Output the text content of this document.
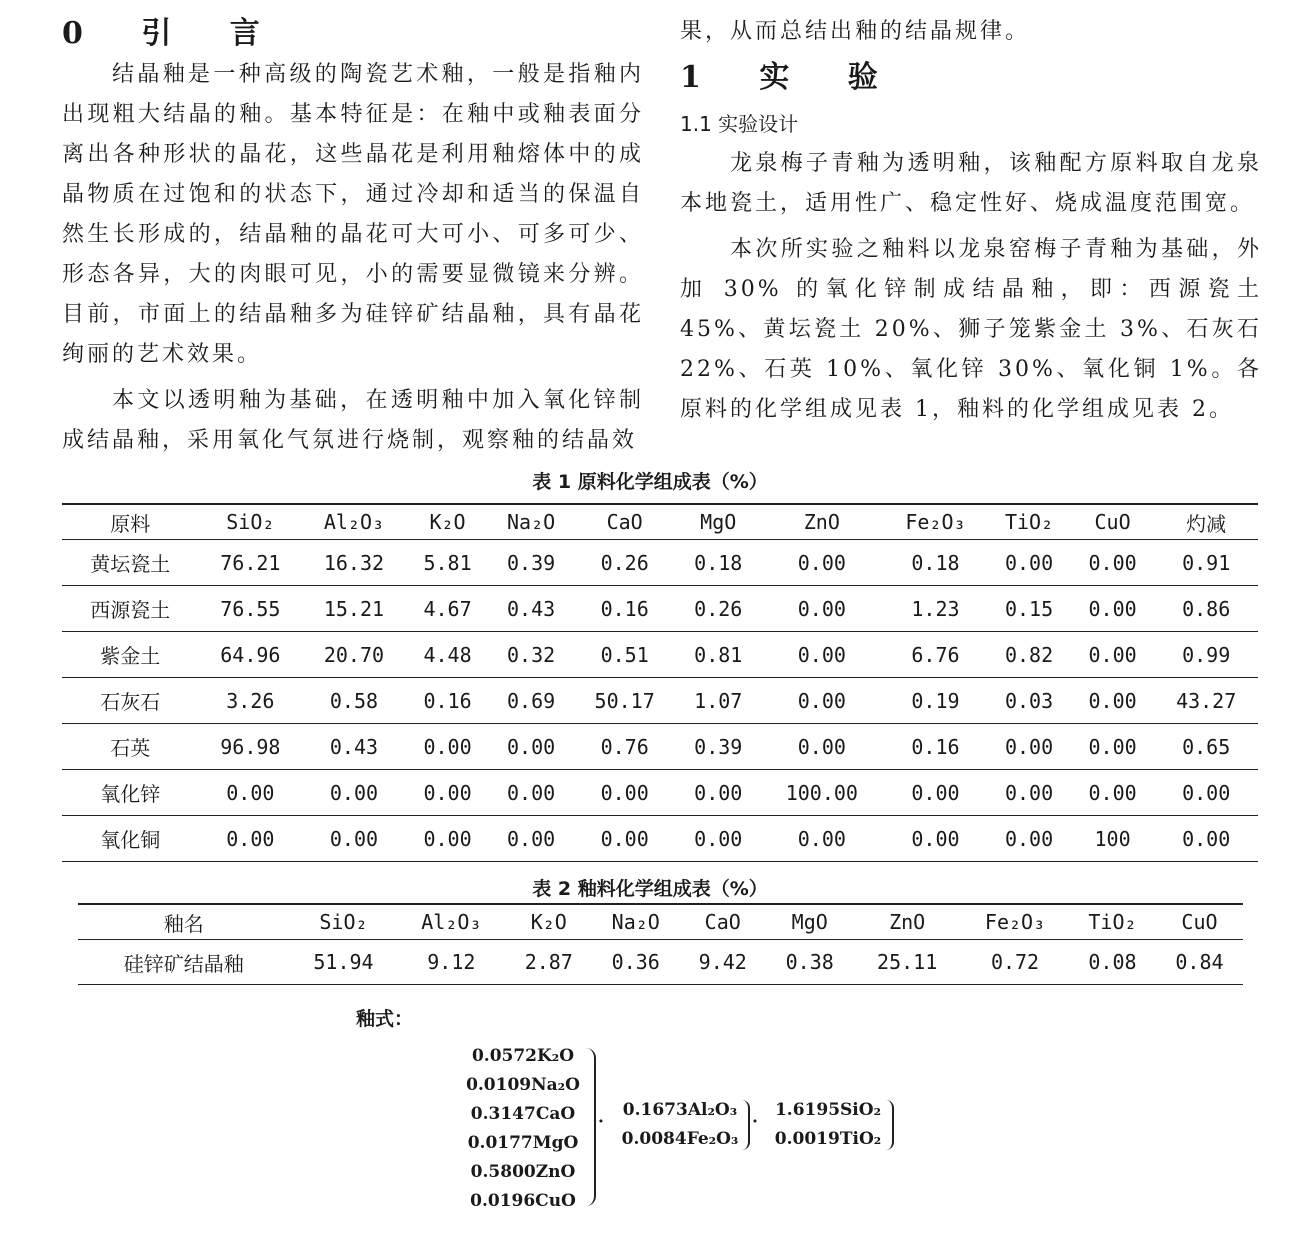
0 引 言

结晶釉是一种高级的陶瓷艺术釉，一般是指釉内出现粗大结晶的釉。基本特征是：在釉中或釉表面分离出各种形状的晶花，这些晶花是利用釉熔体中的成晶物质在过饱和的状态下，通过冷却和适当的保温自然生长形成的，结晶釉的晶花可大可小、可多可少、形态各异，大的肉眼可见，小的需要显微镜来分辨。目前，市面上的结晶釉多为硅锌矿结晶釉，具有晶花绚丽的艺术效果。

本文以透明釉为基础，在透明釉中加入氧化锌制成结晶釉，采用氧化气氛进行烧制，观察釉的结晶效

果，从而总结出釉的结晶规律。

1 实 验
1.1 实验设计

龙泉梅子青釉为透明釉，该釉配方原料取自龙泉本地瓷土，适用性广、稳定性好、烧成温度范围宽。

本次所实验之釉料以龙泉窑梅子青釉为基础，外加 30% 的氧化锌制成结晶釉，即：西源瓷土 45%、黄坛瓷土 20%、狮子笼紫金土 3%、石灰石 22%、石英 10%、氧化锌 30%、氧化铜 1%。各原料的化学组成见表 1，釉料的化学组成见表 2。

表 1 原料化学组成表（%）
原料	SiO₂	Al₂O₃	K₂O	Na₂O	CaO	MgO	ZnO	Fe₂O₃	TiO₂	CuO	灼减
黄坛瓷土	76.21	16.32	5.81	0.39	0.26	0.18	0.00	0.18	0.00	0.00	0.91
西源瓷土	76.55	15.21	4.67	0.43	0.16	0.26	0.00	1.23	0.15	0.00	0.86
紫金土	64.96	20.70	4.48	0.32	0.51	0.81	0.00	6.76	0.82	0.00	0.99
石灰石	3.26	0.58	0.16	0.69	50.17	1.07	0.00	0.19	0.03	0.00	43.27
石英	96.98	0.43	0.00	0.00	0.76	0.39	0.00	0.16	0.00	0.00	0.65
氧化锌	0.00	0.00	0.00	0.00	0.00	0.00	100.00	0.00	0.00	0.00	0.00
氧化铜	0.00	0.00	0.00	0.00	0.00	0.00	0.00	0.00	0.00	100	0.00
表 2 釉料化学组成表（%）
釉名	SiO₂	Al₂O₃	K₂O	Na₂O	CaO	MgO	ZnO	Fe₂O₃	TiO₂	CuO
硅锌矿结晶釉	51.94	9.12	2.87	0.36	9.42	0.38	25.11	0.72	0.08	0.84
釉式：
0.0572K₂O
0.0109Na₂O
0.3147CaO
0.0177MgO
0.5800ZnO
0.0196CuO
·
0.1673Al₂O₃
0.0084Fe₂O₃
·
1.6195SiO₂
0.0019TiO₂
